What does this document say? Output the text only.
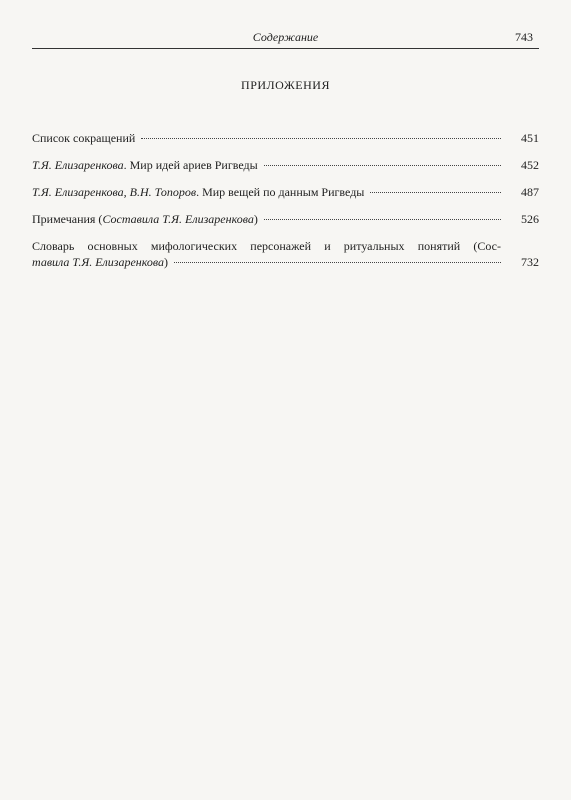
Содержание	743
ПРИЛОЖЕНИЯ
Список сокращений	451
Т.Я. Елизаренкова. Мир идей ариев Ригведы	452
Т.Я. Елизаренкова, В.Н. Топоров. Мир вещей по данным Ригведы	487
Примечания (Составила Т.Я. Елизаренкова)	526
Словарь основных мифологических персонажей и ритуальных понятий (Сос-
тавила Т.Я. Елизаренкова)	732
